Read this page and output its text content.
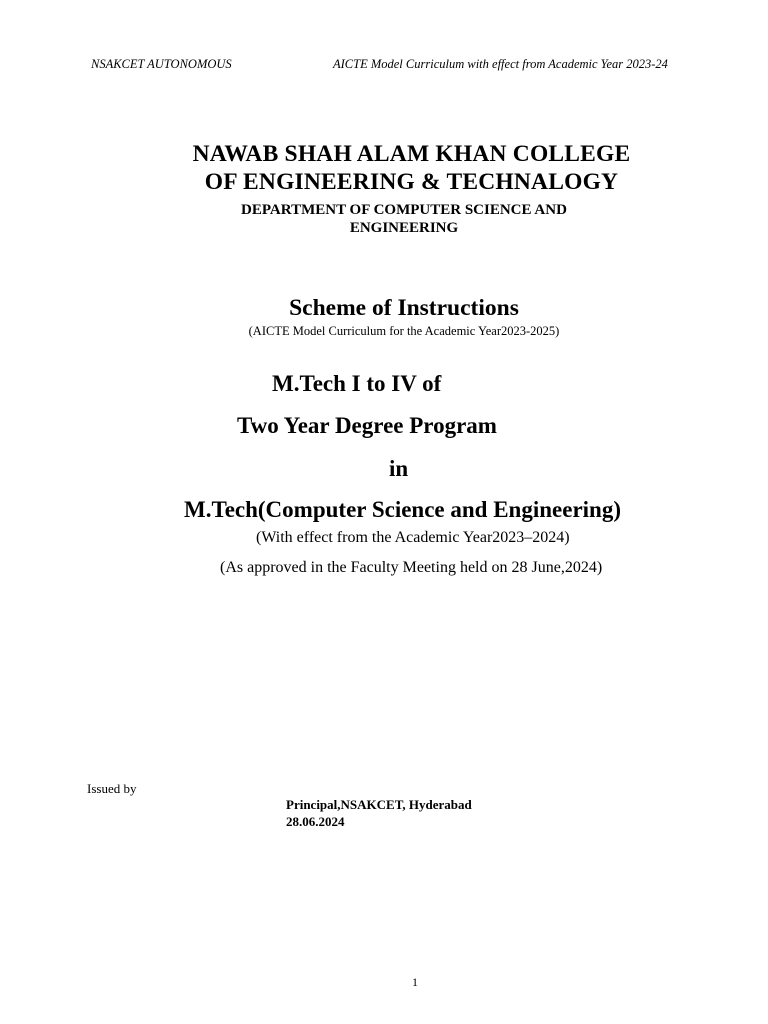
NSAKCET AUTONOMOUS	AICTE Model Curriculum with effect from Academic Year 2023-24
NAWAB SHAH ALAM KHAN COLLEGE
OF ENGINEERING & TECHNALOGY
DEPARTMENT OF COMPUTER SCIENCE AND
ENGINEERING
Scheme of Instructions
(AICTE Model Curriculum for the Academic Year2023-2025)
M.Tech I to IV of
Two Year Degree Program
in
M.Tech(Computer Science and Engineering)
(With effect from the Academic Year2023–2024)
(As approved in the Faculty Meeting held on 28 June,2024)
Issued by
Principal,NSAKCET, Hyderabad
28.06.2024
1
